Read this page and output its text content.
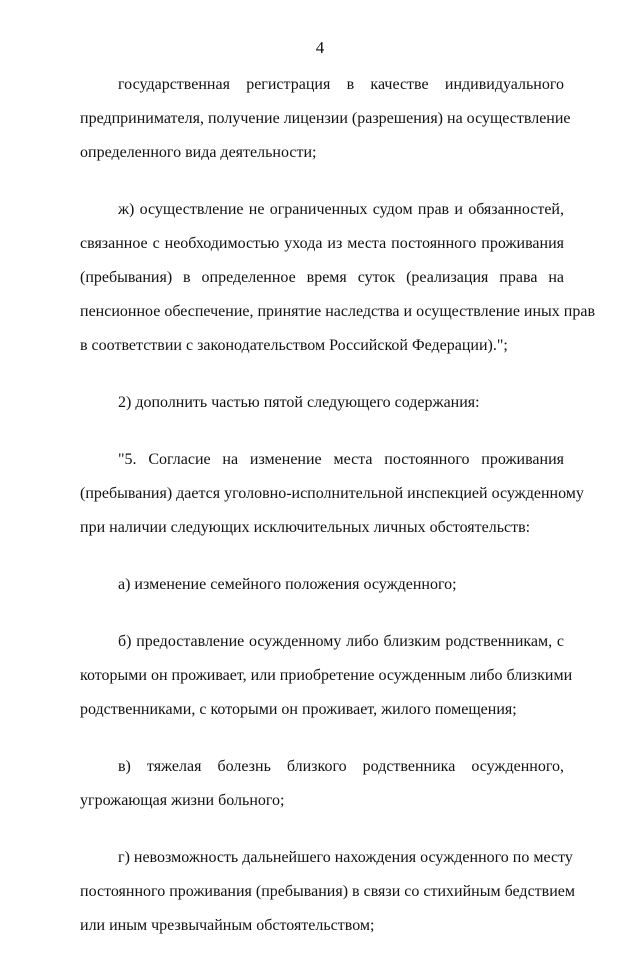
4

государственная регистрация в качестве индивидуального
предпринимателя, получение лицензии (разрешения) на осуществление
определенного вида деятельности;

ж) осуществление не ограниченных судом прав и обязанностей,
связанное с необходимостью ухода из места постоянного проживания
(пребывания) в определенное время суток (реализация права на
пенсионное обеспечение, принятие наследства и осуществление иных прав
в соответствии с законодательством Российской Федерации).";

2) дополнить частью пятой следующего содержания:

"5. Согласие на изменение места постоянного проживания
(пребывания) дается уголовно-исполнительной инспекцией осужденному
при наличии следующих исключительных личных обстоятельств:

а) изменение семейного положения осужденного;

б) предоставление осужденному либо близким родственникам, с
которыми он проживает, или приобретение осужденным либо близкими
родственниками, с которыми он проживает, жилого помещения;

в) тяжелая болезнь близкого родственника осужденного,
угрожающая жизни больного;

г) невозможность дальнейшего нахождения осужденного по месту
постоянного проживания (пребывания) в связи со стихийным бедствием
или иным чрезвычайным обстоятельством;
